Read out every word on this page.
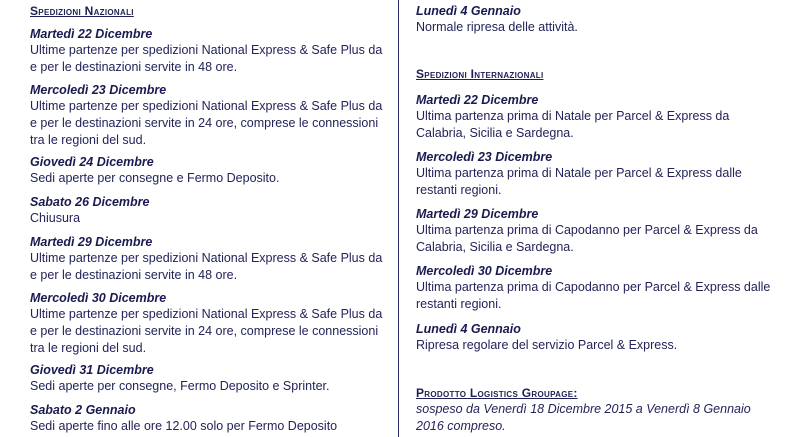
Spedizioni Nazionali
Martedì 22 Dicembre
Ultime partenze per spedizioni National Express & Safe Plus da e per le destinazioni servite in 48 ore.
Mercoledì 23 Dicembre
Ultime partenze per spedizioni National Express & Safe Plus da e per le destinazioni servite in 24 ore, comprese le connessioni tra le regioni del sud.
Giovedì 24 Dicembre
Sedi aperte per consegne e Fermo Deposito.
Sabato 26 Dicembre
Chiusura
Martedì 29 Dicembre
Ultime partenze per spedizioni National Express & Safe Plus da e per le destinazioni servite in 48 ore.
Mercoledì 30 Dicembre
Ultime partenze per spedizioni National Express & Safe Plus da e per le destinazioni servite in 24 ore, comprese le connessioni tra le regioni del sud.
Giovedì 31 Dicembre
Sedi aperte per consegne, Fermo Deposito e Sprinter.
Sabato 2 Gennaio
Sedi aperte fino alle ore 12.00 solo per Fermo Deposito
Lunedì 4 Gennaio
Normale ripresa delle attività.
Spedizioni Internazionali
Martedì 22 Dicembre
Ultima partenza prima di Natale per Parcel & Express da Calabria, Sicilia e Sardegna.
Mercoledì 23 Dicembre
Ultima partenza prima di Natale per Parcel & Express dalle restanti regioni.
Martedì 29 Dicembre
Ultima partenza prima di Capodanno per Parcel & Express da Calabria, Sicilia e Sardegna.
Mercoledì 30 Dicembre
Ultima partenza prima di Capodanno per Parcel & Express dalle restanti regioni.
Lunedì 4 Gennaio
Ripresa regolare del servizio Parcel & Express.
Prodotto Logistics Groupage:
sospeso da Venerdì 18 Dicembre 2015 a Venerdì 8 Gennaio 2016 compreso.
